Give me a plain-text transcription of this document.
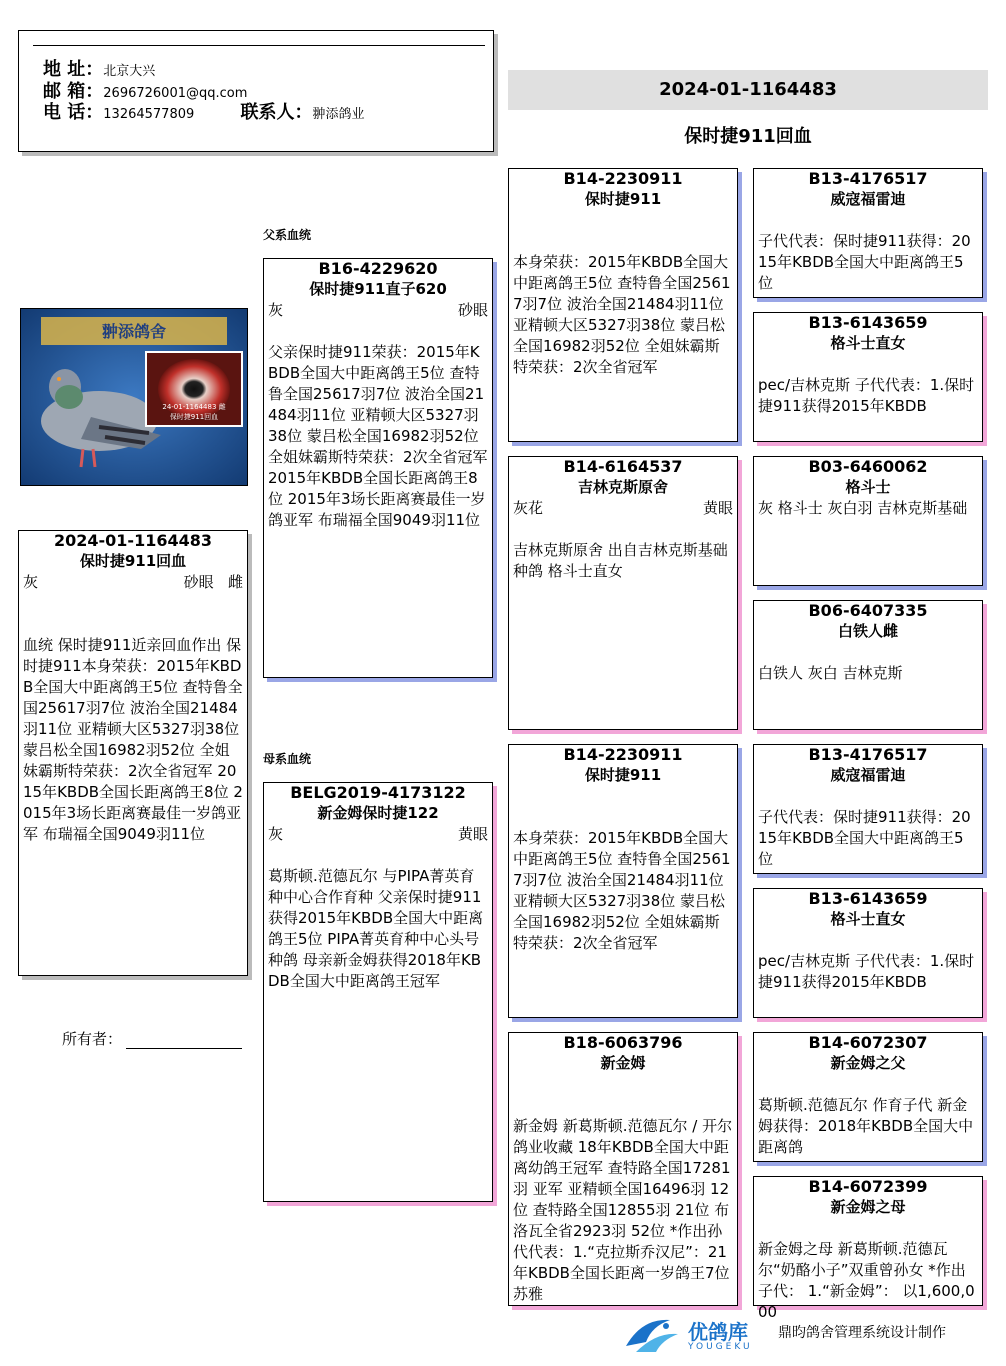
地 址：北京大兴
邮 箱：2696726001@qq.com
电 话：13264577809	联系人：翀添鸽业
2024-01-1164483
保时捷911回血
翀添鸽舍
24-01-1164483 雌
保时捷911回血
2024-01-1164483
保时捷911回血
灰	砂眼 雌
血统 保时捷911近亲回血作出 保时捷911本身荣获：2015年KBDB全国大中距离鸽王5位 查特鲁全国25617羽7位 波治全国21484羽11位 亚精顿大区5327羽38位 蒙吕松全国16982羽52位 全姐妹霸斯特荣获：2次全省冠军 2015年KBDB全国长距离鸽王8位 2015年3场长距离赛最佳一岁鸽亚军 布瑞福全国9049羽11位
所有者：
父系血统
母系血统
B16-4229620
保时捷911直子620
灰	砂眼
父亲保时捷911荣获：2015年KBDB全国大中距离鸽王5位 查特鲁全国25617羽7位 波治全国21484羽11位 亚精顿大区5327羽38位 蒙吕松全国16982羽52位 全姐妹霸斯特荣获：2次全省冠军 2015年KBDB全国长距离鸽王8位 2015年3场长距离赛最佳一岁鸽亚军 布瑞福全国9049羽11位
BELG2019-4173122
新金姆保时捷122
灰	黄眼
葛斯顿.范德瓦尔 与PIPA菁英育种中心合作育种 父亲保时捷911获得2015年KBDB全国大中距离鸽王5位 PIPA菁英育种中心头号种鸽 母亲新金姆获得2018年KBDB全国大中距离鸽王冠军
B14-2230911
保时捷911
本身荣获：2015年KBDB全国大中距离鸽王5位 查特鲁全国25617羽7位 波治全国21484羽11位 亚精顿大区5327羽38位 蒙吕松全国16982羽52位 全姐妹霸斯特荣获：2次全省冠军
B14-6164537
吉林克斯原舍
灰花	黄眼
吉林克斯原舍 出自吉林克斯基础种鸽 格斗士直女
B14-2230911
保时捷911
本身荣获：2015年KBDB全国大中距离鸽王5位 查特鲁全国25617羽7位 波治全国21484羽11位 亚精顿大区5327羽38位 蒙吕松全国16982羽52位 全姐妹霸斯特荣获：2次全省冠军
B18-6063796
新金姆
新金姆 新葛斯顿.范德瓦尔 / 开尔鸽业收藏 18年KBDB全国大中距离幼鸽王冠军 查特路全国17281羽 亚军 亚精顿全国16496羽 12位 查特路全国12855羽 21位 布洛瓦全省2923羽 52位 *作出孙代代表：1.“克拉斯乔汉尼”：21年KBDB全国长距离一岁鸽王7位 苏雅
B13-4176517
威寇福雷迪
子代代表：保时捷911获得：2015年KBDB全国大中距离鸽王5位
B13-6143659
格斗士直女
pec/吉林克斯 子代代表：1.保时捷911获得2015年KBDB
B03-6460062
格斗士
灰 格斗士 灰白羽 吉林克斯基础
B06-6407335
白铁人雌
白铁人 灰白 吉林克斯
B13-4176517
威寇福雷迪
子代代表：保时捷911获得：2015年KBDB全国大中距离鸽王5位
B13-6143659
格斗士直女
pec/吉林克斯 子代代表：1.保时捷911获得2015年KBDB
B14-6072307
新金姆之父
葛斯顿.范德瓦尔 作育子代 新金姆获得：2018年KBDB全国大中距离鸽
B14-6072399
新金姆之母
新金姆之母 新葛斯顿.范德瓦尔“奶酪小子”双重曾孙女 *作出子代： 1.“新金姆”： 以1,600,000
优鸽库
YOUGEKU
鼎昀鸽舍管理系统设计制作
